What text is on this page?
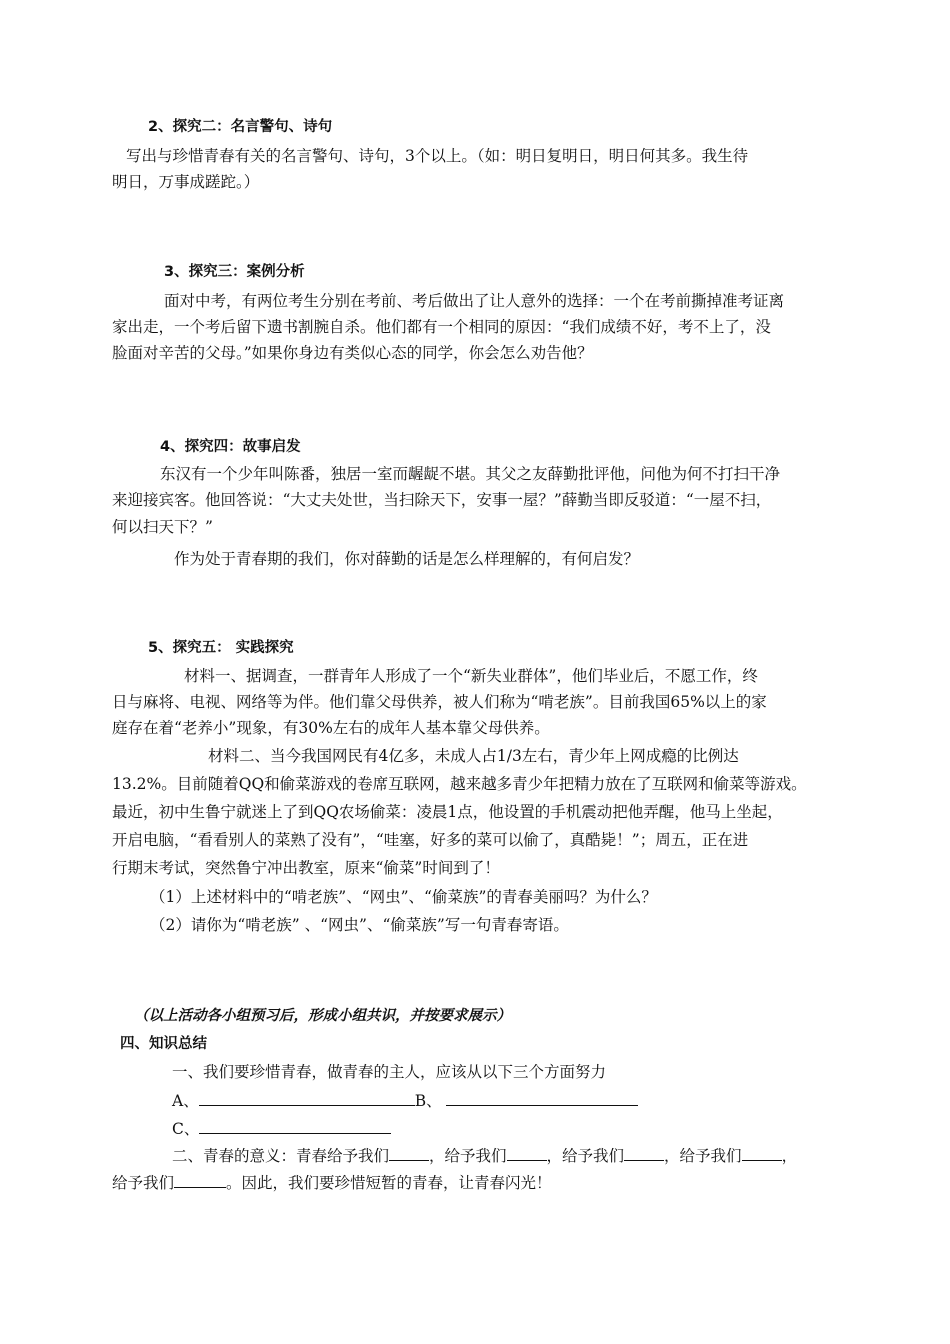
2、探究二：名言警句、诗句
写出与珍惜青春有关的名言警句、诗句，3个以上。（如：明日复明日，明日何其多。我生待
明日，万事成蹉跎。）
3、探究三：案例分析
面对中考，有两位考生分别在考前、考后做出了让人意外的选择：一个在考前撕掉准考证离
家出走，一个考后留下遗书割腕自杀。他们都有一个相同的原因：“我们成绩不好，考不上了，没
脸面对辛苦的父母。”如果你身边有类似心态的同学，你会怎么劝告他？
4、探究四：故事启发
东汉有一个少年叫陈番，独居一室而龌龊不堪。其父之友薛勤批评他，问他为何不打扫干净
来迎接宾客。他回答说：“大丈夫处世，当扫除天下，安事一屋？”薛勤当即反驳道：“一屋不扫，
何以扫天下？”
作为处于青春期的我们，你对薛勤的话是怎么样理解的，有何启发？
5、探究五： 实践探究
材料一、据调查，一群青年人形成了一个“新失业群体”，他们毕业后，不愿工作，终
日与麻将、电视、网络等为伴。他们靠父母供养，被人们称为“啃老族”。目前我国65%以上的家
庭存在着“老养小”现象，有30%左右的成年人基本靠父母供养。
材料二、当今我国网民有4亿多，未成人占1/3左右，青少年上网成瘾的比例达
13.2%。目前随着QQ和偷菜游戏的卷席互联网，越来越多青少年把精力放在了互联网和偷菜等游戏。
最近，初中生鲁宁就迷上了到QQ农场偷菜：凌晨1点，他设置的手机震动把他弄醒，他马上坐起，
开启电脑，“看看别人的菜熟了没有”，“哇塞，好多的菜可以偷了，真酷毙！”；周五，正在进
行期末考试，突然鲁宁冲出教室，原来“偷菜”时间到了！
（1）上述材料中的“啃老族”、“网虫”、“偷菜族”的青春美丽吗？为什么？
（2）请你为“啃老族” 、“网虫”、“偷菜族”写一句青春寄语。
（以上活动各小组预习后，形成小组共识，并按要求展示）
四、知识总结
一、我们要珍惜青春，做青春的主人，应该从以下三个方面努力
A、	B、
C、
二、青春的意义：青春给予我们	，给予我们	，给予我们	，给予我们	，
给予我们	。因此，我们要珍惜短暂的青春，让青春闪光！
